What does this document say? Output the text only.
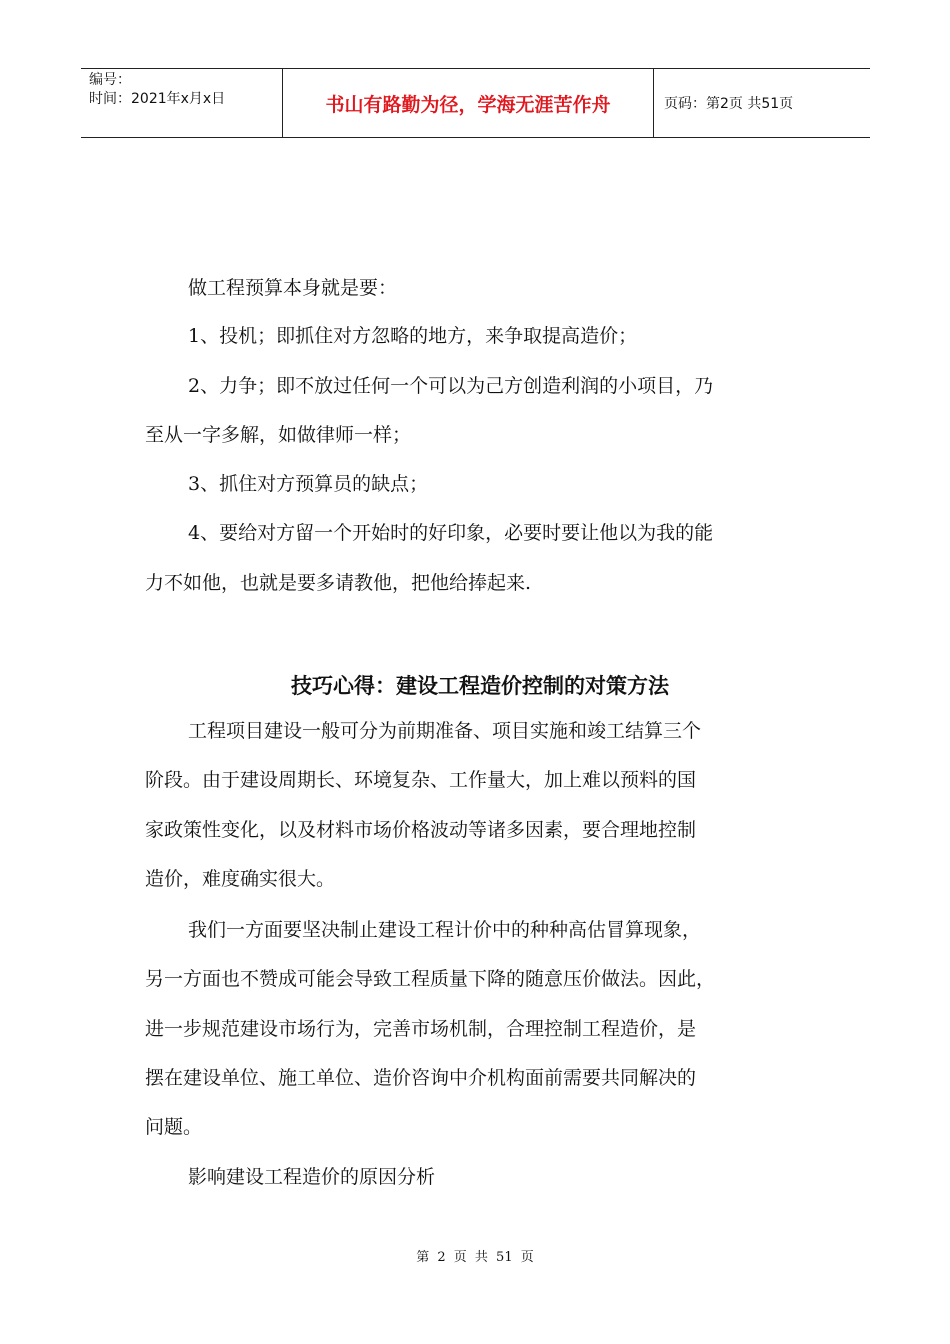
编号：
时间：2021年x月x日	书山有路勤为径，学海无涯苦作舟	页码：第2页 共51页
做工程预算本身就是要：
1、投机；即抓住对方忽略的地方，来争取提高造价；
2、力争；即不放过任何一个可以为己方创造利润的小项目，乃
至从一字多解，如做律师一样；
3、抓住对方预算员的缺点；
4、要给对方留一个开始时的好印象，必要时要让他以为我的能
力不如他，也就是要多请教他，把他给捧起来.
工程项目建设一般可分为前期准备、项目实施和竣工结算三个
阶段。由于建设周期长、环境复杂、工作量大，加上难以预料的国
家政策性变化，以及材料市场价格波动等诸多因素，要合理地控制
造价，难度确实很大。
我们一方面要坚决制止建设工程计价中的种种高估冒算现象，
另一方面也不赞成可能会导致工程质量下降的随意压价做法。因此，
进一步规范建设市场行为，完善市场机制，合理控制工程造价，是
摆在建设单位、施工单位、造价咨询中介机构面前需要共同解决的
问题。
影响建设工程造价的原因分析
技巧心得：建设工程造价控制的对策方法
第 2 页 共 51 页
